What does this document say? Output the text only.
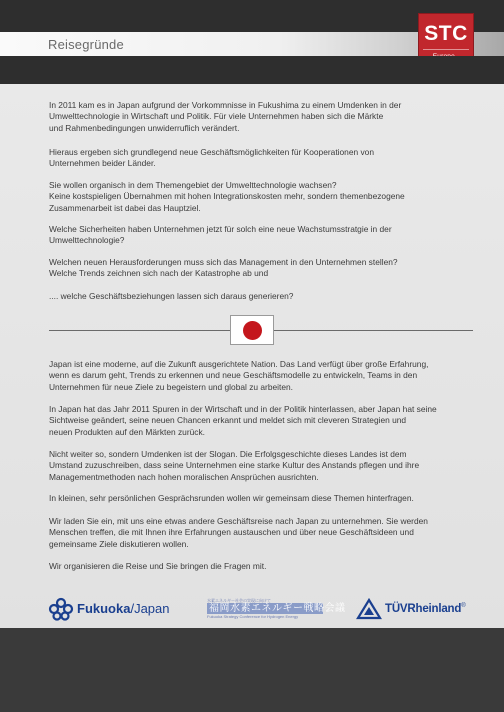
Reisegründe	STC

In 2011 kam es in Japan aufgrund der Vorkommnisse in Fukushima zu einem Umdenken in der
Umwelttechnologie in Wirtschaft und Politik. Für viele Unternehmen haben sich die Märkte
und Rahmenbedingungen unwiderruflich verändert.

Hieraus ergeben sich grundlegend neue Geschäftsmöglichkeiten für Kooperationen von
Unternehmen beider Länder.

Sie wollen organisch in dem Themengebiet der Umwelttechnologie wachsen?
Keine kostspieligen Übernahmen mit hohen Integrationskosten mehr, sondern themenbezogene
Zusammenarbeit ist dabei das Hauptziel.

Welche Sicherheiten haben Unternehmen jetzt für solch eine neue Wachstumsstratgie in der
Umwelttechnologie?

Welchen neuen Herausforderungen muss sich das Management in den Unternehmen stellen?
Welche Trends zeichnen sich nach der Katastrophe ab und

.... welche Geschäftsbeziehungen lassen sich daraus generieren?

Japan ist eine moderne, auf die Zukunft ausgerichtete Nation. Das Land verfügt über große Erfahrung,
wenn es darum geht, Trends zu erkennen und neue Geschäftsmodelle zu entwickeln, Teams in den
Unternehmen für neue Ziele zu begeistern und global zu arbeiten.

In Japan hat das Jahr 2011 Spuren in der Wirtschaft und in der Politik hinterlassen, aber Japan hat seine
Sichtweise geändert, seine neuen Chancen erkannt und meldet sich mit cleveren Strategien und
neuen Produkten auf den Märkten zurück.

Nicht weiter so, sondern Umdenken ist der Slogan. Die Erfolgsgeschichte dieses Landes ist dem
Umstand zuzuschreiben, dass seine Unternehmen eine starke Kultur des Anstands pflegen und ihre
Managementmethoden nach hohen moralischen Ansprüchen ausrichten.

In kleinen, sehr persönlichen Gesprächsrunden wollen wir gemeinsam diese Themen hinterfragen.

Wir laden Sie ein, mit uns eine etwas andere Geschäftsreise nach Japan zu unternehmen. Sie werden
Menschen treffen, die mit Ihnen ihre Erfahrungen austauschen und über neue Geschäftsideen und
gemeinsame Ziele diskutieren wollen.

Wir organisieren die Reise und Sie bringen die Fragen mit.

Fukuoka/Japan
水素エネルギー社会の実現に向けて
福岡水素エネルギー戦略会議
Fukuoka Strategy Conference for Hydrogen Energy
TÜVRheinland®
